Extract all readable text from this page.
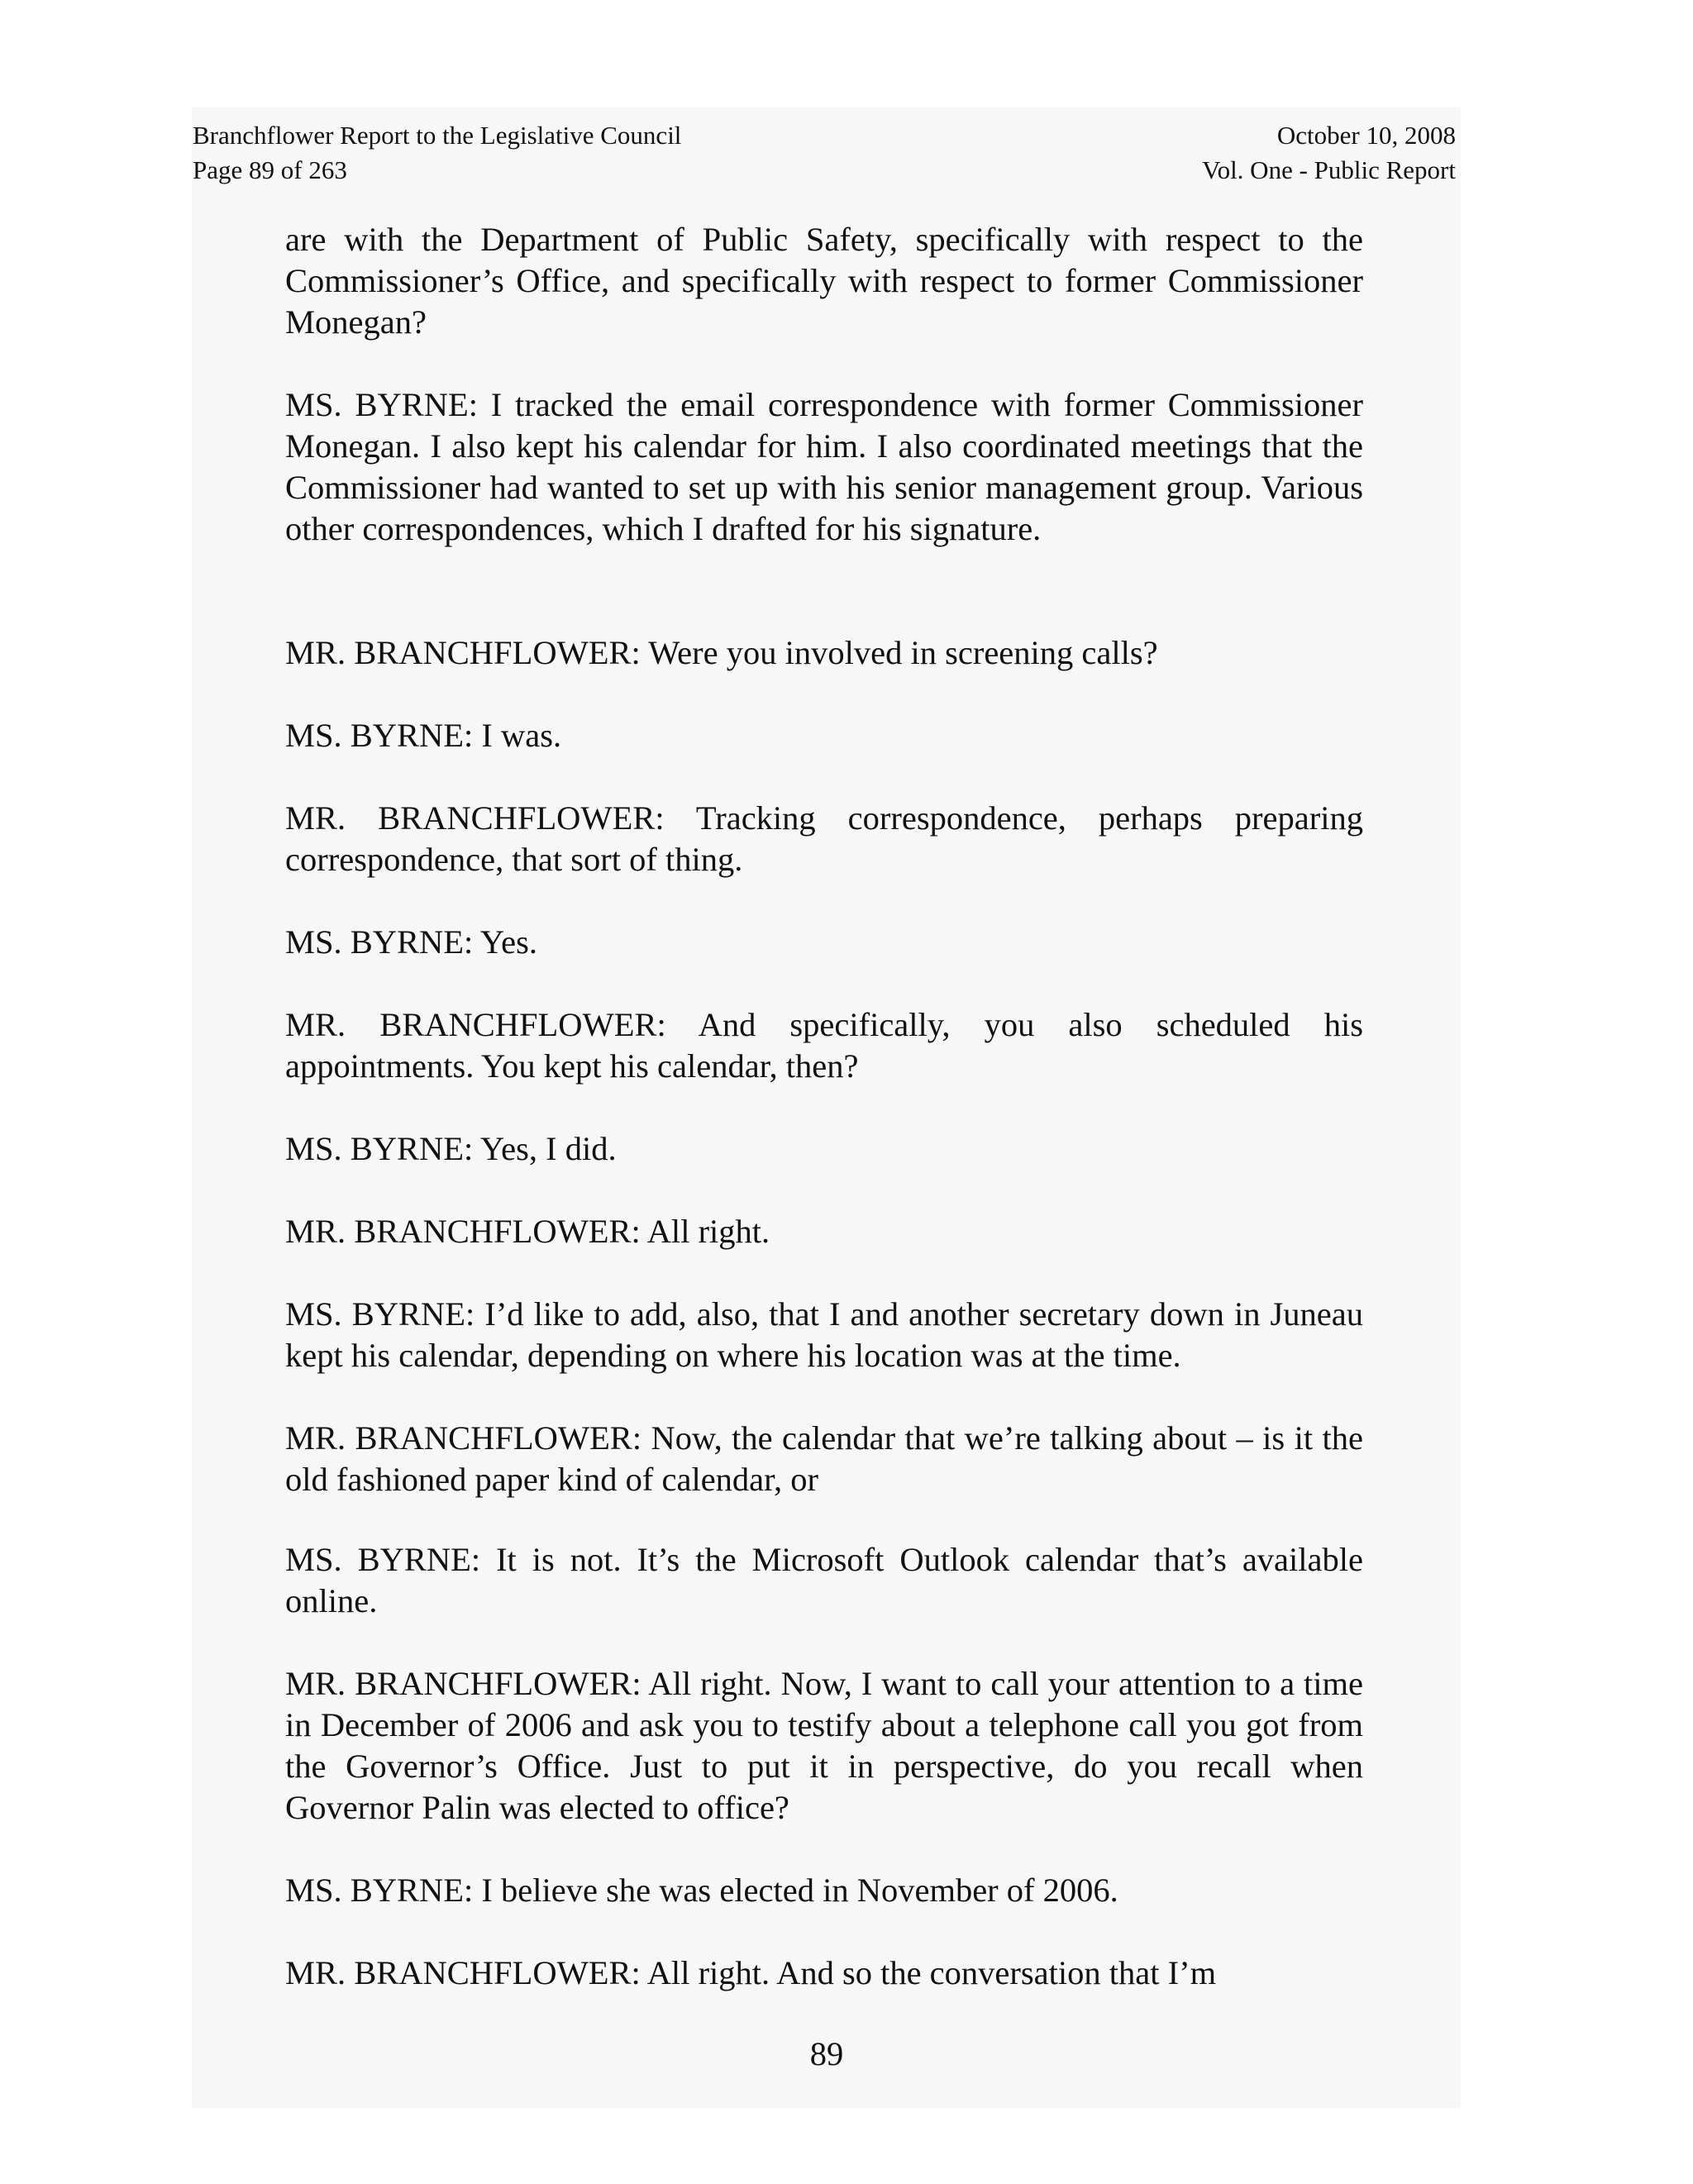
Branchflower Report to the Legislative Council
Page 89 of 263
October 10, 2008
Vol. One - Public Report

are with the Department of Public Safety, specifically with respect to the Commissioner’s Office, and specifically with respect to former Commissioner Monegan?

MS. BYRNE: I tracked the email correspondence with former Commissioner Monegan. I also kept his calendar for him. I also coordinated meetings that the Commissioner had wanted to set up with his senior management group. Various other correspondences, which I drafted for his signature.

MR. BRANCHFLOWER: Were you involved in screening calls?

MS. BYRNE: I was.

MR. BRANCHFLOWER: Tracking correspondence, perhaps preparing correspondence, that sort of thing.

MS. BYRNE: Yes.

MR. BRANCHFLOWER: And specifically, you also scheduled his appointments. You kept his calendar, then?

MS. BYRNE: Yes, I did.

MR. BRANCHFLOWER: All right.

MS. BYRNE: I’d like to add, also, that I and another secretary down in Juneau kept his calendar, depending on where his location was at the time.

MR. BRANCHFLOWER: Now, the calendar that we’re talking about – is it the old fashioned paper kind of calendar, or

MS. BYRNE: It is not. It’s the Microsoft Outlook calendar that’s available online.

MR. BRANCHFLOWER: All right. Now, I want to call your attention to a time in December of 2006 and ask you to testify about a telephone call you got from the Governor’s Office. Just to put it in perspective, do you recall when Governor Palin was elected to office?

MS. BYRNE: I believe she was elected in November of 2006.

MR. BRANCHFLOWER: All right. And so the conversation that I’m

89
